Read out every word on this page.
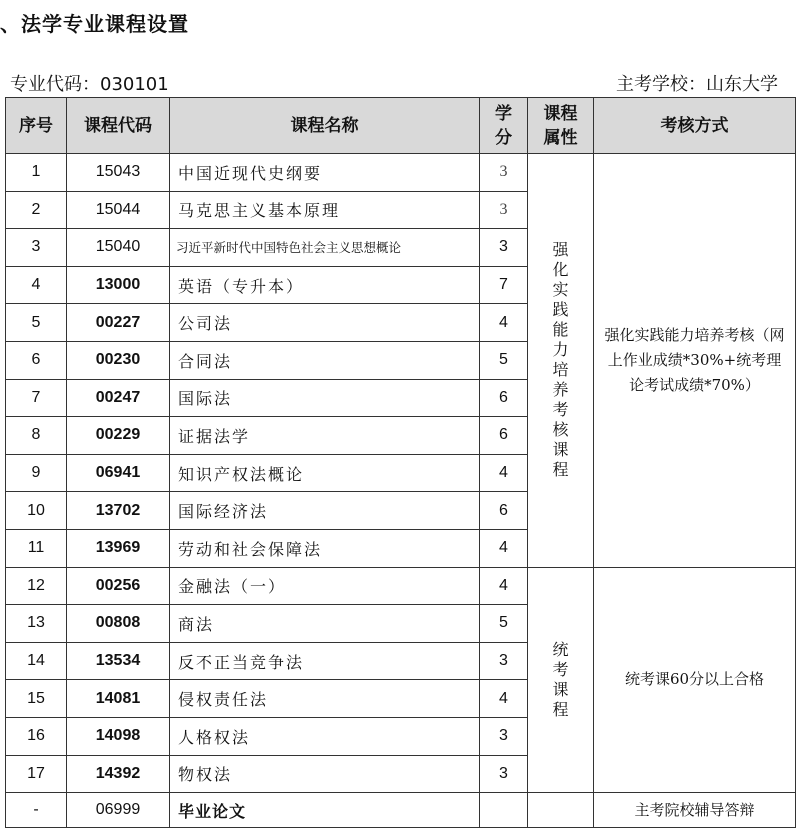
、法学专业课程设置
专业代码：030101	主考学校：山东大学
序号	课程代码	课程名称	学分	课程属性	考核方式
1	15043	中国近现代史纲要	3	强化实践能力培养考核课程	强化实践能力培养考核（网上作业成绩*30%+统考理论考试成绩*70%）
2	15044	马克思主义基本原理	3		
3	15040	习近平新时代中国特色社会主义思想概论	3		
4	13000	英语（专升本）	7		
5	00227	公司法	4		
6	00230	合同法	5		
7	00247	国际法	6		
8	00229	证据法学	6		
9	06941	知识产权法概论	4		
10	13702	国际经济法	6		
11	13969	劳动和社会保障法	4		
12	00256	金融法（一）	4	统考课程	统考课60分以上合格
13	00808	商法	5		
14	13534	反不正当竞争法	3		
15	14081	侵权责任法	4		
16	14098	人格权法	3		
17	14392	物权法	3		
-	06999	毕业论文			主考院校辅导答辩
